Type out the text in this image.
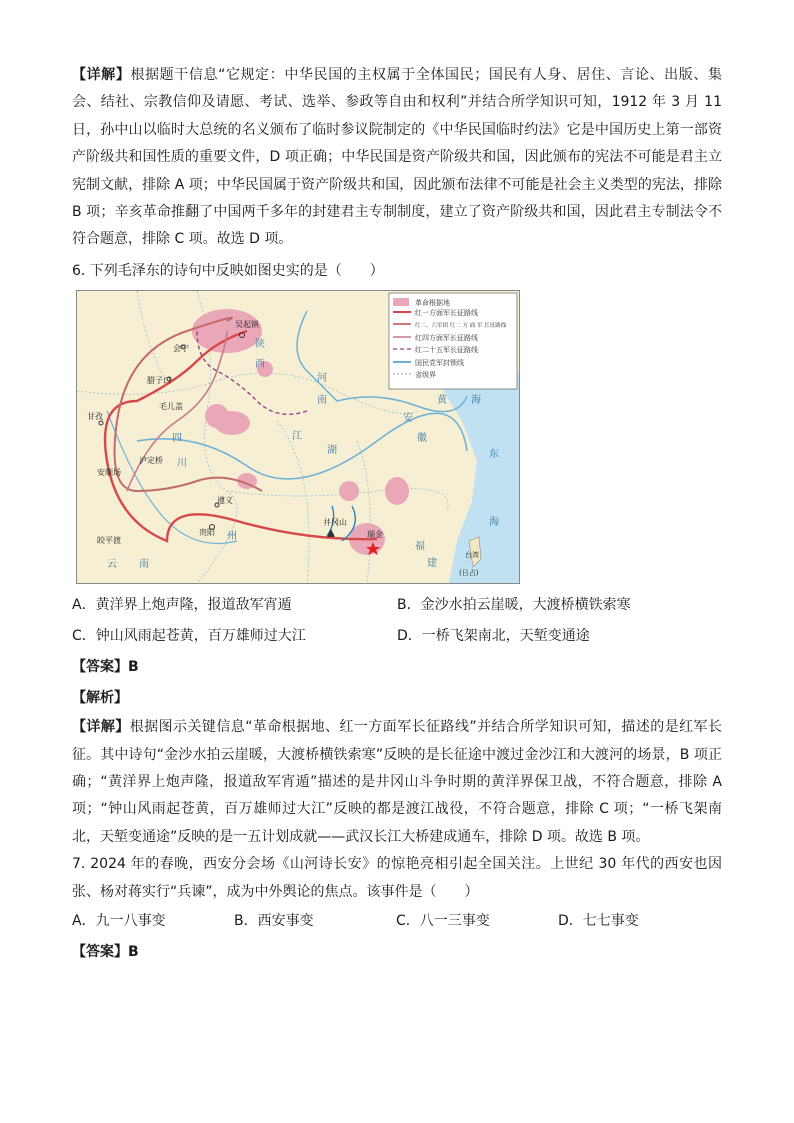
【详解】根据题干信息“它规定：中华民国的主权属于全体国民；国民有人身、居住、言论、出版、集会、结社、宗教信仰及请愿、考试、选举、参政等自由和权利”并结合所学知识可知，1912 年 3 月 11 日，孙中山以临时大总统的名义颁布了临时参议院制定的《中华民国临时约法》它是中国历史上第一部资产阶级共和国性质的重要文件，D 项正确；中华民国是资产阶级共和国，因此颁布的宪法不可能是君主立宪制文献，排除 A 项；中华民国属于资产阶级共和国，因此颁布法律不可能是社会主义类型的宪法，排除 B 项；辛亥革命推翻了中国两千多年的封建君主专制制度，建立了资产阶级共和国，因此君主专制法令不符合题意，排除 C 项。故选 D 项。

6. 下列毛泽东的诗句中反映如图史实的是（　　）

革命根据地
红一方面军长征路线
红二、六军团 红二 方 面 军 长征路线
红四方面军长征路线
红二十五军长征路线
国民党军封锁线
省级界
吴起镇
会宁
腊子口
毛儿盖
甘孜
泸定桥
安顺场
遵义
贵阳
皎平渡
井冈山
瑞金
黄 海
东
海
台湾
(日占)
陕
西
河
南
湖
江
四
川
云 南
福
建
州
安
徽
A．黄洋界上炮声隆，报道敌军宵遁	B．金沙水拍云崖暖，大渡桥横铁索寒
C．钟山风雨起苍黄，百万雄师过大江	D．一桥飞架南北，天堑变通途
【答案】B
【解析】

【详解】根据图示关键信息“革命根据地、红一方面军长征路线”并结合所学知识可知，描述的是红军长征。其中诗句“金沙水拍云崖暖，大渡桥横铁索寒”反映的是长征途中渡过金沙江和大渡河的场景，B 项正确；“黄洋界上炮声隆，报道敌军宵遁”描述的是井冈山斗争时期的黄洋界保卫战，不符合题意，排除 A 项；“钟山风雨起苍黄，百万雄师过大江”反映的都是渡江战役，不符合题意，排除 C 项；“一桥飞架南北，天堑变通途”反映的是一五计划成就——武汉长江大桥建成通车，排除 D 项。故选 B 项。

7. 2024 年的春晚，西安分会场《山河诗长安》的惊艳亮相引起全国关注。上世纪 30 年代的西安也因张、杨对蒋实行“兵谏”，成为中外舆论的焦点。该事件是（　　）

A．九一八事变	B．西安事变	C．八一三事变	D．七七事变
【答案】B
